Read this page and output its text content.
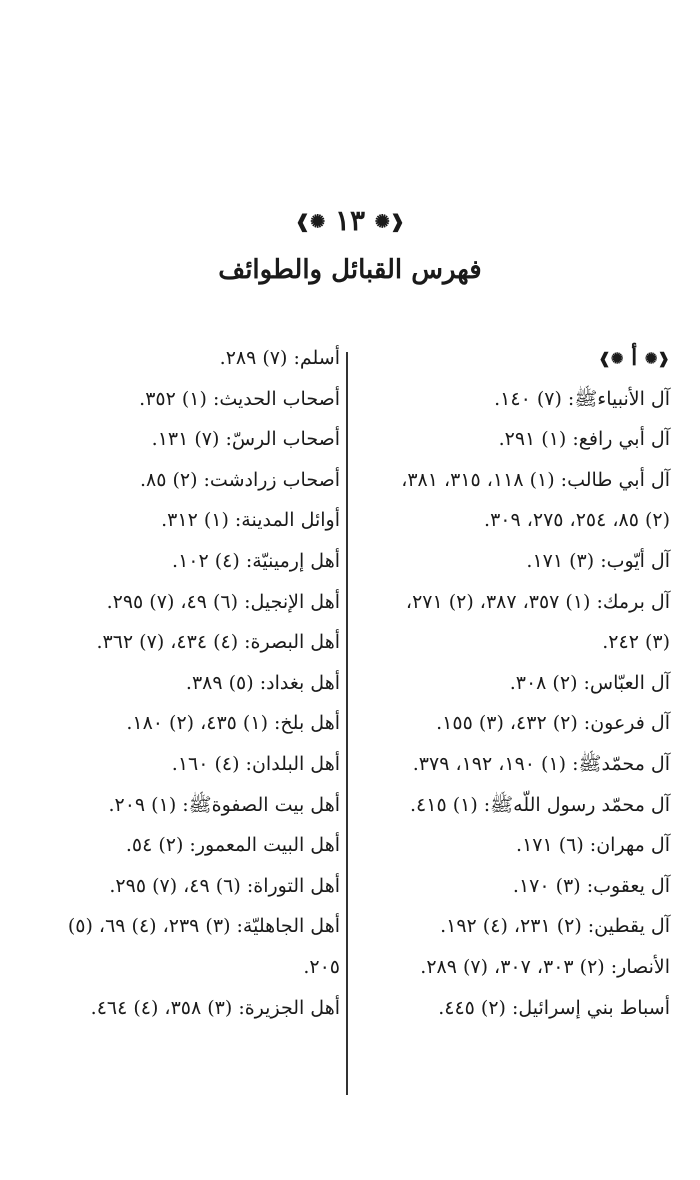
❰✺ ١٣ ✺❱
فهرس القبائل والطوائف
❰✺ أ ✺❱
آل الأنبياءﷺ: (٧) ١٤٠.
آل أبي رافع: (١) ٢٩١.
آل أبي طالب: (١) ١١٨، ٣١٥، ٣٨١،
(٢) ٨٥، ٢٥٤، ٢٧٥، ٣٠٩.
آل أيّوب: (٣) ١٧١.
آل برمك: (١) ٣٥٧، ٣٨٧، (٢) ٢٧١،
(٣) ٢٤٢.
آل العبّاس: (٢) ٣٠٨.
آل فرعون: (٢) ٤٣٢، (٣) ١٥٥.
آل محمّدﷺ: (١) ١٩٠، ١٩٢، ٣٧٩.
آل محمّد رسول اللّهﷺ: (١) ٤١٥.
آل مهران: (٦) ١٧١.
آل يعقوب: (٣) ١٧٠.
آل يقطين: (٢) ٢٣١، (٤) ١٩٢.
الأنصار: (٢) ٣٠٣، ٣٠٧، (٧) ٢٨٩.
أسباط بني إسرائيل: (٢) ٤٤٥.
أسلم: (٧) ٢٨٩.
أصحاب الحديث: (١) ٣٥٢.
أصحاب الرسّ: (٧) ١٣١.
أصحاب زرادشت: (٢) ٨٥.
أوائل المدينة: (١) ٣١٢.
أهل إرمينيّة: (٤) ١٠٢.
أهل الإنجيل: (٦) ٤٩، (٧) ٢٩٥.
أهل البصرة: (٤) ٤٣٤، (٧) ٣٦٢.
أهل بغداد: (٥) ٣٨٩.
أهل بلخ: (١) ٤٣٥، (٢) ١٨٠.
أهل البلدان: (٤) ١٦٠.
أهل بيت الصفوةﷺ: (١) ٢٠٩.
أهل البيت المعمور: (٢) ٥٤.
أهل التوراة: (٦) ٤٩، (٧) ٢٩٥.
أهل الجاهليّة: (٣) ٢٣٩، (٤) ٦٩، (٥)
٢٠٥.
أهل الجزيرة: (٣) ٣٥٨، (٤) ٤٦٤.
